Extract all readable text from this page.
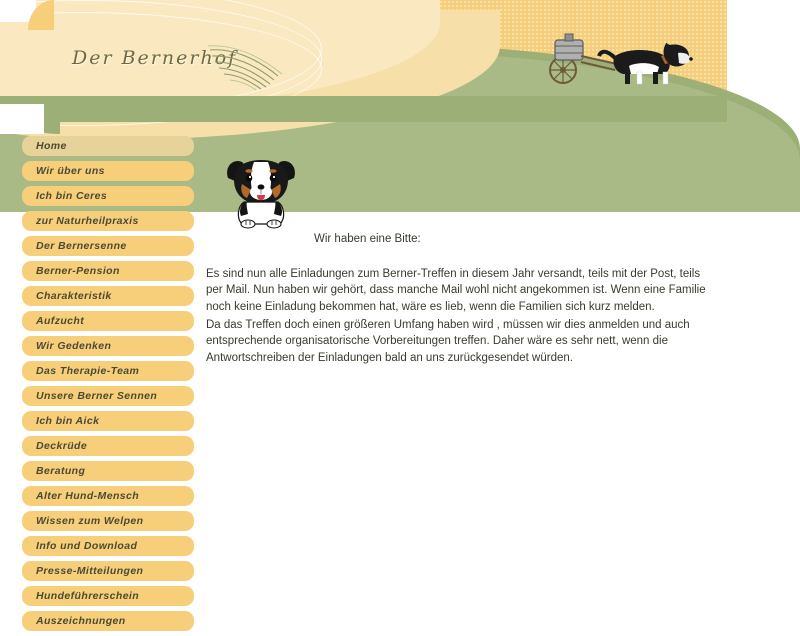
Der Bernerhof
Home
Wir über uns
Ich bin Ceres
zur Naturheilpraxis
Der Bernersenne
Berner-Pension
Charakteristik
Aufzucht
Wir Gedenken
Das Therapie-Team
Unsere Berner Sennen
Ich bin Aick
Deckrüde
Beratung
Alter Hund-Mensch
Wissen zum Welpen
Info und Download
Presse-Mitteilungen
Hundeführerschein
Auszeichnungen
Wir haben eine Bitte:

Es sind nun alle Einladungen zum Berner-Treffen in diesem Jahr versandt, teils mit der Post, teils per Mail. Nun haben wir gehört, dass manche Mail wohl nicht angekommen ist. Wenn eine Familie noch keine Einladung bekommen hat, wäre es lieb, wenn die Familien sich kurz melden.

Da das Treffen doch einen größeren Umfang haben wird , müssen wir dies anmelden und auch entsprechende organisatorische Vorbereitungen treffen. Daher wäre es sehr nett, wenn die Antwortschreiben der Einladungen bald an uns zurückgesendet würden.
